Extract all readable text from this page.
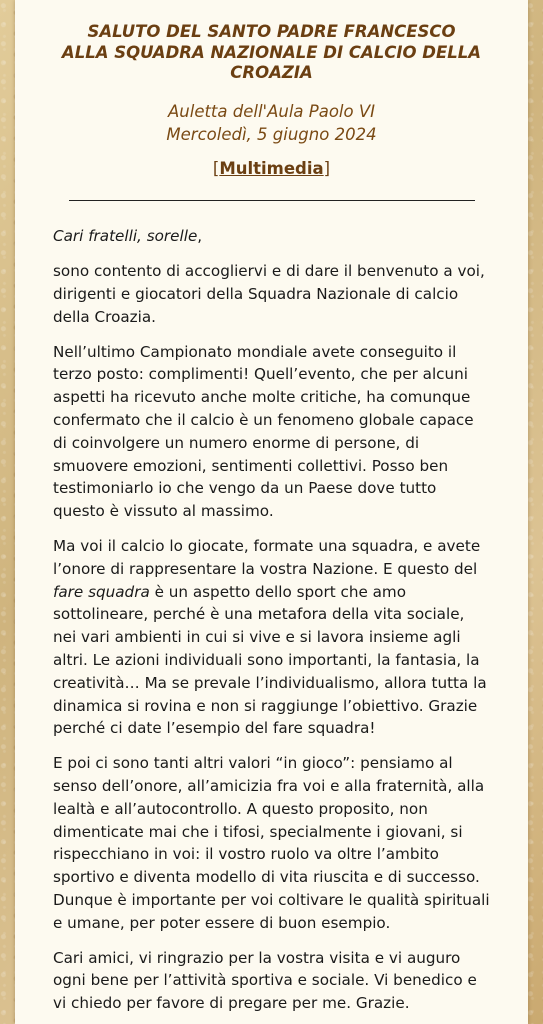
SALUTO DEL SANTO PADRE FRANCESCO
ALLA SQUADRA NAZIONALE DI CALCIO DELLA
CROAZIA
Auletta dell'Aula Paolo VI
Mercoledì, 5 giugno 2024
[Multimedia]

Cari fratelli, sorelle,

sono contento di accogliervi e di dare il benvenuto a voi, dirigenti e giocatori della Squadra Nazionale di calcio della Croazia.

Nell’ultimo Campionato mondiale avete conseguito il terzo posto: complimenti! Quell’evento, che per alcuni aspetti ha ricevuto anche molte critiche, ha comunque confermato che il calcio è un fenomeno globale capace di coinvolgere un numero enorme di persone, di smuovere emozioni, sentimenti collettivi. Posso ben testimoniarlo io che vengo da un Paese dove tutto questo è vissuto al massimo.

Ma voi il calcio lo giocate, formate una squadra, e avete l’onore di rappresentare la vostra Nazione. E questo del fare squadra è un aspetto dello sport che amo sottolineare, perché è una metafora della vita sociale, nei vari ambienti in cui si vive e si lavora insieme agli altri. Le azioni individuali sono importanti, la fantasia, la creatività… Ma se prevale l’individualismo, allora tutta la dinamica si rovina e non si raggiunge l’obiettivo. Grazie perché ci date l’esempio del fare squadra!

E poi ci sono tanti altri valori “in gioco”: pensiamo al senso dell’onore, all’amicizia fra voi e alla fraternità, alla lealtà e all’autocontrollo. A questo proposito, non dimenticate mai che i tifosi, specialmente i giovani, si rispecchiano in voi: il vostro ruolo va oltre l’ambito sportivo e diventa modello di vita riuscita e di successo. Dunque è importante per voi coltivare le qualità spirituali e umane, per poter essere di buon esempio.

Cari amici, vi ringrazio per la vostra visita e vi auguro ogni bene per l’attività sportiva e sociale. Vi benedico e vi chiedo per favore di pregare per me. Grazie.
